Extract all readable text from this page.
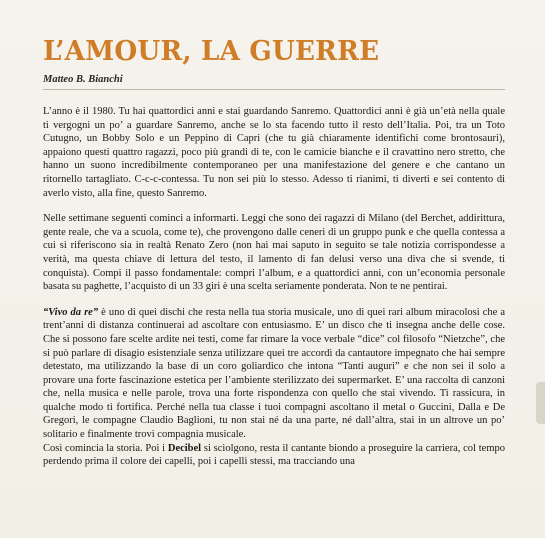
L’AMOUR, LA GUERRE
Matteo B. Bianchi

L’anno è il 1980. Tu hai quattordici anni e stai guardando Sanremo. Quattordici anni è già un’età nella quale ti vergogni un po’ a guardare Sanremo, anche se lo sta facendo tutto il resto dell’Italia. Poi, tra un Toto Cutugno, un Bobby Solo e un Peppino di Capri (che tu già chiaramente identifichi come brontosauri), appaiono questi quattro ragazzi, poco più grandi di te, con le camicie bianche e il cravattino nero stretto, che hanno un suono incredibilmente contemporaneo per una manifestazione del genere e che cantano un ritornello tartagliato. C-c-c-contessa. Tu non sei più lo stesso. Adesso ti rianimi, ti diverti e sei contento di averlo visto, alla fine, questo Sanremo.

Nelle settimane seguenti cominci a informarti. Leggi che sono dei ragazzi di Milano (del Berchet, addirittura, gente reale, che va a scuola, come te), che provengono dalle ceneri di un gruppo punk e che quella contessa a cui si riferiscono sia in realtà Renato Zero (non hai mai saputo in seguito se tale notizia corrispondesse a verità, ma questa chiave di lettura del testo, il lamento di fan delusi verso una diva che si svende, ti conquista). Compi il passo fondamentale: compri l’album, e a quattordici anni, con un’economia personale basata su paghette, l’acquisto di un 33 giri è una scelta seriamente ponderata. Non te ne pentirai.

“Vivo da re” è uno di quei dischi che resta nella tua storia musicale, uno di quei rari album miracolosi che a trent’anni di distanza continuerai ad ascoltare con entusiasmo. E’ un disco che ti insegna anche delle cose. Che si possono fare scelte ardite nei testi, come far rimare la voce verbale “dice” col filosofo “Nietzche”, che si può parlare di disagio esistenziale senza utilizzare quei tre accordi da cantautore impegnato che hai sempre detestato, ma utilizzando la base di un coro goliardico che intona “Tanti auguri” e che non sei il solo a provare una forte fascinazione estetica per l’ambiente sterilizzato dei supermarket. E’ una raccolta di canzoni che, nella musica e nelle parole, trova una forte rispondenza con quello che stai vivendo. Ti rassicura, in qualche modo ti fortifica. Perché nella tua classe i tuoi compagni ascoltano il metal o Guccini, Dalla e De Gregori, le compagne Claudio Baglioni, tu non stai né da una parte, né dall’altra, stai in un altrove un po’ solitario e finalmente trovi compagnia musicale.

Così comincia la storia. Poi i Decibel si sciolgono, resta il cantante biondo a proseguire la carriera, col tempo perdendo prima il colore dei capelli, poi i capelli stessi, ma tracciando una
